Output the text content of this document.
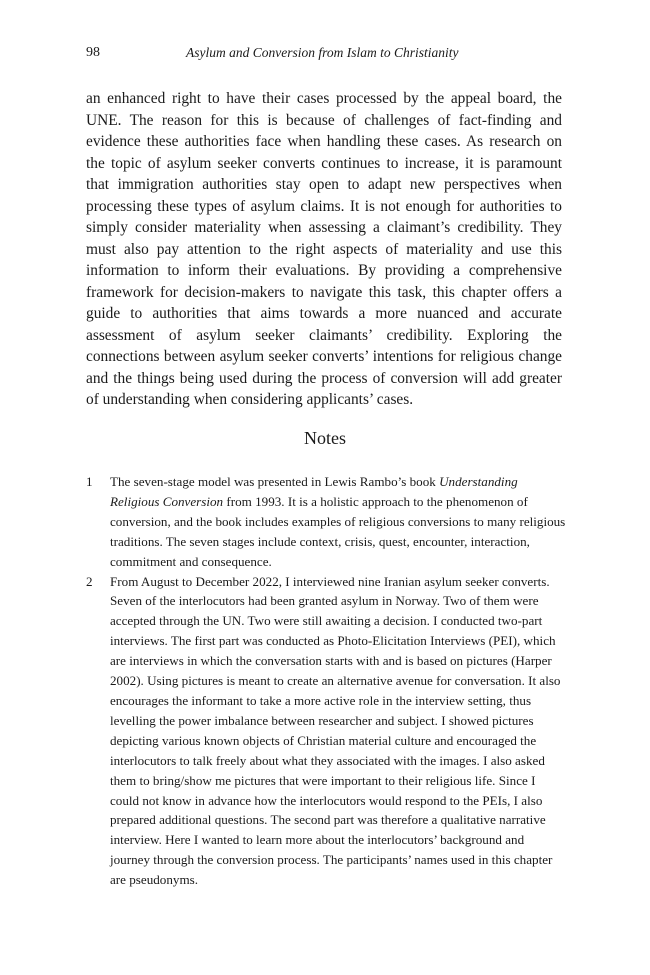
98	Asylum and Conversion from Islam to Christianity

an enhanced right to have their cases processed by the appeal board, the UNE. The reason for this is because of challenges of fact-finding and evidence these authorities face when handling these cases. As research on the topic of asylum seeker converts continues to increase, it is paramount that immigration authorities stay open to adapt new perspectives when processing these types of asylum claims. It is not enough for authorities to simply consider materiality when assessing a claimant’s credibility. They must also pay attention to the right aspects of materiality and use this information to inform their evaluations. By providing a comprehensive framework for decision-makers to navigate this task, this chapter offers a guide to authorities that aims towards a more nuanced and accurate assessment of asylum seeker claimants’ credibility. Exploring the connections between asylum seeker converts’ intentions for religious change and the things being used during the process of conversion will add greater of understanding when considering applicants’ cases.

Notes
1 The seven-stage model was presented in Lewis Rambo’s book Understanding Religious Conversion from 1993. It is a holistic approach to the phenomenon of conversion, and the book includes examples of religious conversions to many religious traditions. The seven stages include context, crisis, quest, encounter, interaction, commitment and consequence.
2 From August to December 2022, I interviewed nine Iranian asylum seeker converts. Seven of the interlocutors had been granted asylum in Norway. Two of them were accepted through the UN. Two were still awaiting a decision. I conducted two-part interviews. The first part was conducted as Photo-Elicitation Interviews (PEI), which are interviews in which the conversation starts with and is based on pictures (Harper 2002). Using pictures is meant to create an alternative avenue for conversation. It also encourages the informant to take a more active role in the interview setting, thus levelling the power imbalance between researcher and subject. I showed pictures depicting various known objects of Christian material culture and encouraged the interlocutors to talk freely about what they associated with the images. I also asked them to bring/show me pictures that were important to their religious life. Since I could not know in advance how the interlocutors would respond to the PEIs, I also prepared additional questions. The second part was therefore a qualitative narrative interview. Here I wanted to learn more about the interlocutors’ background and journey through the conversion process. The participants’ names used in this chapter are pseudonyms.
